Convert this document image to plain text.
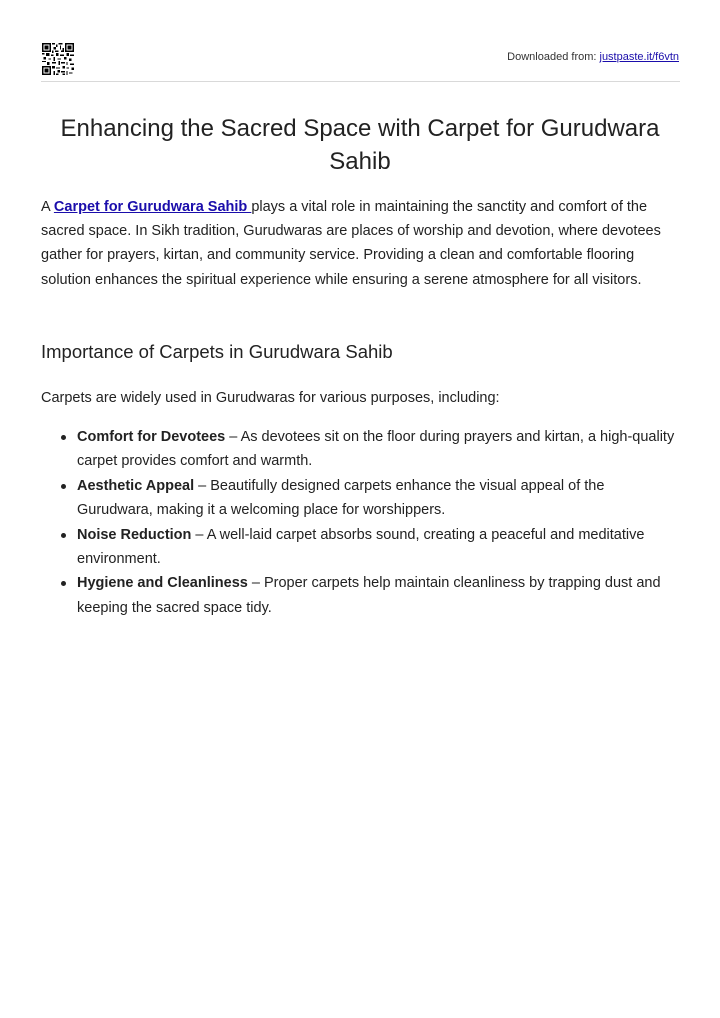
Downloaded from: justpaste.it/f6vtn
Enhancing the Sacred Space with Carpet for Gurudwara Sahib

A Carpet for Gurudwara Sahib plays a vital role in maintaining the sanctity and comfort of the sacred space. In Sikh tradition, Gurudwaras are places of worship and devotion, where devotees gather for prayers, kirtan, and community service. Providing a clean and comfortable flooring solution enhances the spiritual experience while ensuring a serene atmosphere for all visitors.

Importance of Carpets in Gurudwara Sahib

Carpets are widely used in Gurudwaras for various purposes, including:

Comfort for Devotees – As devotees sit on the floor during prayers and kirtan, a high-quality carpet provides comfort and warmth.
Aesthetic Appeal – Beautifully designed carpets enhance the visual appeal of the Gurudwara, making it a welcoming place for worshippers.
Noise Reduction – A well-laid carpet absorbs sound, creating a peaceful and meditative environment.
Hygiene and Cleanliness – Proper carpets help maintain cleanliness by trapping dust and keeping the sacred space tidy.
